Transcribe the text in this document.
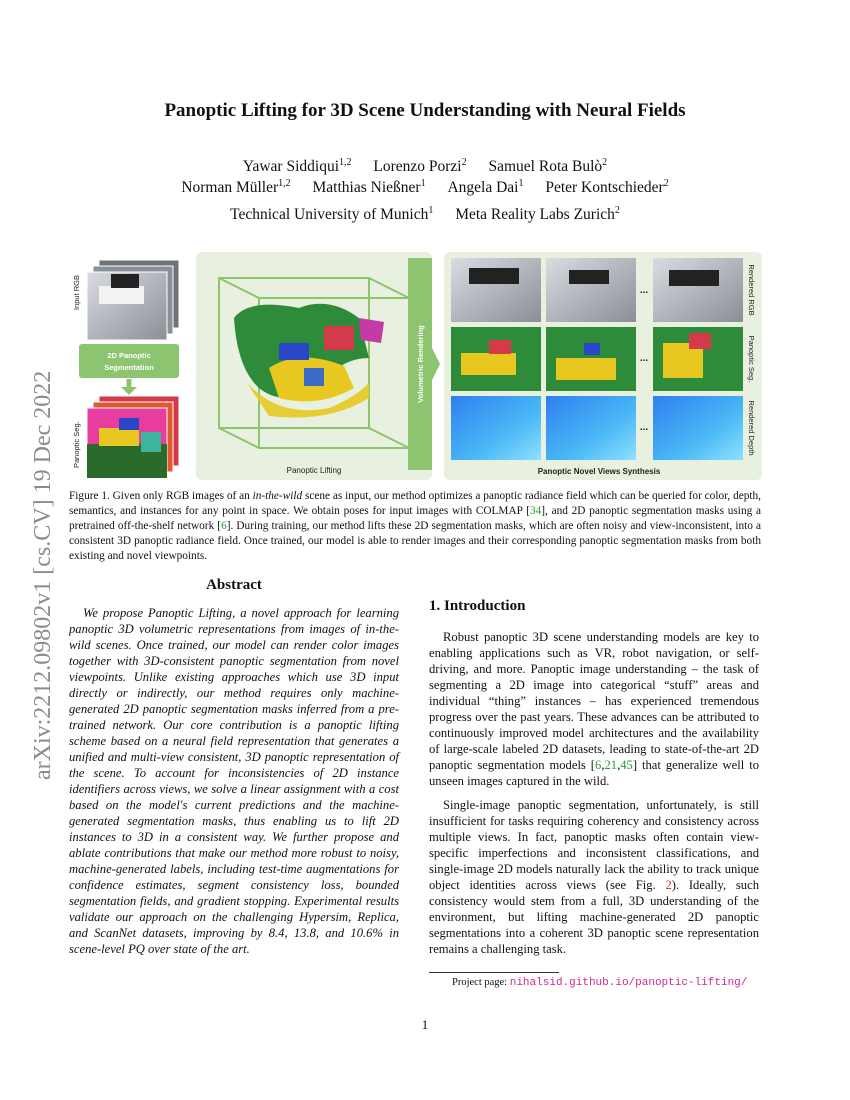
arXiv:2212.09802v1 [cs.CV] 19 Dec 2022
Panoptic Lifting for 3D Scene Understanding with Neural Fields
Yawar Siddiqui$^{1,2}$ Lorenzo Porzi$^2$ Samuel Rota Bulò$^2$
Norman Müller$^{1,2}$ Matthias Nießner$^1$ Angela Dai$^1$ Peter Kontschieder$^2$
Technical University of Munich$^1$ Meta Reality Labs Zurich$^2$
Input RGB
2D Panoptic
Segmentation
Panoptic Seg.
Panoptic Lifting
Volumetric Rendering
...
...
...
Rendered RGB
Panoptic Seg.
Rendered Depth
Panoptic Novel Views Synthesis
Figure 1. Given only RGB images of an in-the-wild scene as input, our method optimizes a panoptic radiance field which can be queried for color, depth, semantics, and instances for any point in space. We obtain poses for input images with COLMAP [34], and 2D panoptic segmentation masks using a pretrained off-the-shelf network [6]. During training, our method lifts these 2D segmentation masks, which are often noisy and view-inconsistent, into a consistent 3D panoptic radiance field. Once trained, our model is able to render images and their corresponding panoptic segmentation masks from both existing and novel viewpoints.
Abstract

We propose Panoptic Lifting, a novel approach for learning panoptic 3D volumetric representations from images of in-the-wild scenes. Once trained, our model can render color images together with 3D-consistent panoptic segmentation from novel viewpoints. Unlike existing approaches which use 3D input directly or indirectly, our method requires only machine-generated 2D panoptic segmentation masks inferred from a pre-trained network. Our core contribution is a panoptic lifting scheme based on a neural field representation that generates a unified and multi-view consistent, 3D panoptic representation of the scene. To account for inconsistencies of 2D instance identifiers across views, we solve a linear assignment with a cost based on the model's current predictions and the machine-generated segmentation masks, thus enabling us to lift 2D instances to 3D in a consistent way. We further propose and ablate contributions that make our method more robust to noisy, machine-generated labels, including test-time augmentations for confidence estimates, segment consistency loss, bounded segmentation fields, and gradient stopping. Experimental results validate our approach on the challenging Hypersim, Replica, and ScanNet datasets, improving by 8.4, 13.8, and 10.6% in scene-level PQ over state of the art.

1. Introduction

Robust panoptic 3D scene understanding models are key to enabling applications such as VR, robot navigation, or self-driving, and more. Panoptic image understanding – the task of segmenting a 2D image into categorical “stuff” areas and individual “thing” instances – has experienced tremendous progress over the past years. These advances can be attributed to continuously improved model architectures and the availability of large-scale labeled 2D datasets, leading to state-of-the-art 2D panoptic segmentation models [6,21,45] that generalize well to unseen images captured in the wild.

Single-image panoptic segmentation, unfortunately, is still insufficient for tasks requiring coherency and consistency across multiple views. In fact, panoptic masks often contain view-specific imperfections and inconsistent classifications, and single-image 2D models naturally lack the ability to track unique object identities across views (see Fig. 2). Ideally, such consistency would stem from a full, 3D understanding of the environment, but lifting machine-generated 2D panoptic segmentations into a coherent 3D panoptic scene representation remains a challenging task.

Project page: nihalsid.github.io/panoptic-lifting/
1
